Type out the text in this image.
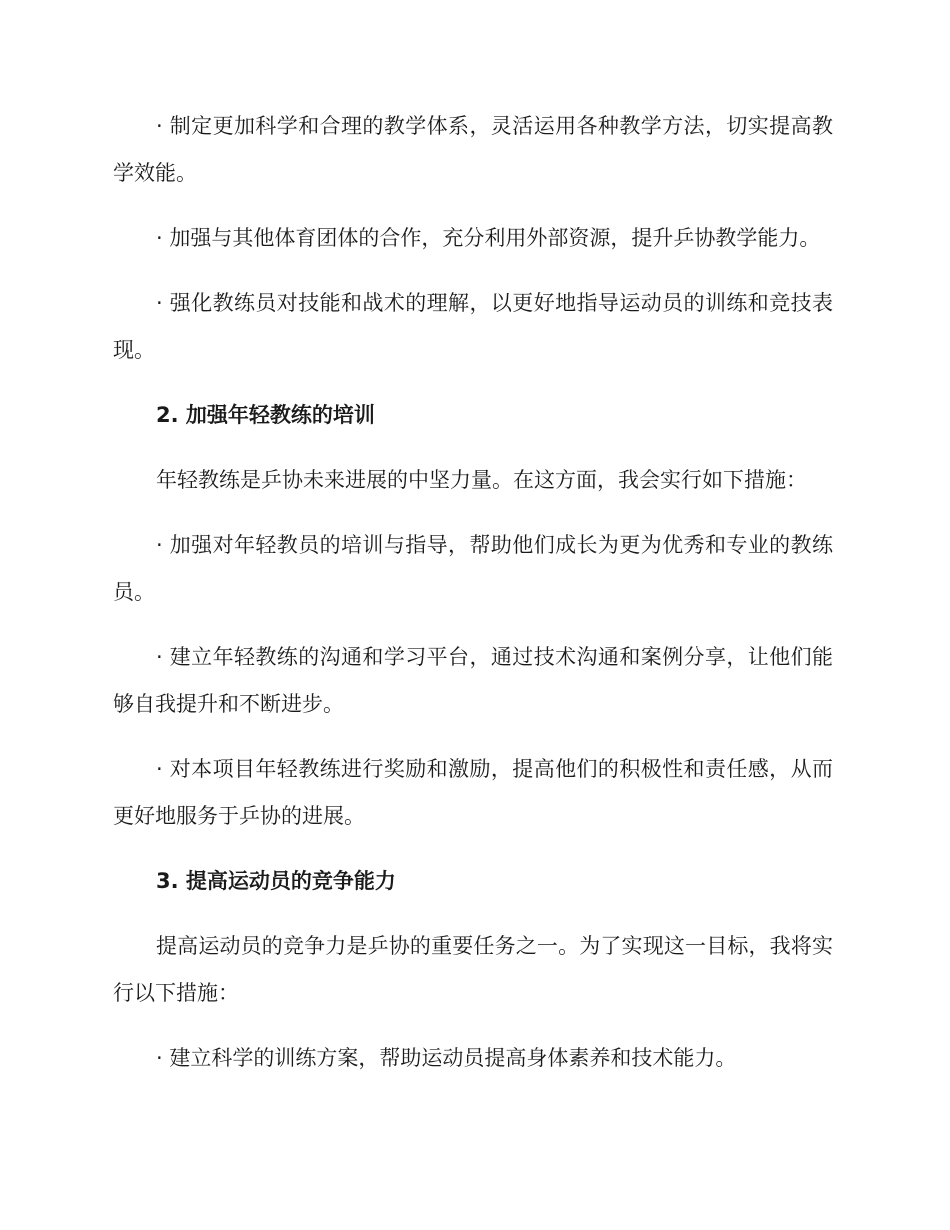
· 制定更加科学和合理的教学体系，灵活运用各种教学方法，切实提高教学效能。

· 加强与其他体育团体的合作，充分利用外部资源，提升乒协教学能力。

· 强化教练员对技能和战术的理解，以更好地指导运动员的训练和竞技表现。

2. 加强年轻教练的培训

年轻教练是乒协未来进展的中坚力量。在这方面，我会实行如下措施：

· 加强对年轻教员的培训与指导，帮助他们成长为更为优秀和专业的教练员。

· 建立年轻教练的沟通和学习平台，通过技术沟通和案例分享，让他们能够自我提升和不断进步。

· 对本项目年轻教练进行奖励和激励，提高他们的积极性和责任感，从而更好地服务于乒协的进展。

3. 提高运动员的竞争能力

提高运动员的竞争力是乒协的重要任务之一。为了实现这一目标，我将实行以下措施：

· 建立科学的训练方案，帮助运动员提高身体素养和技术能力。
